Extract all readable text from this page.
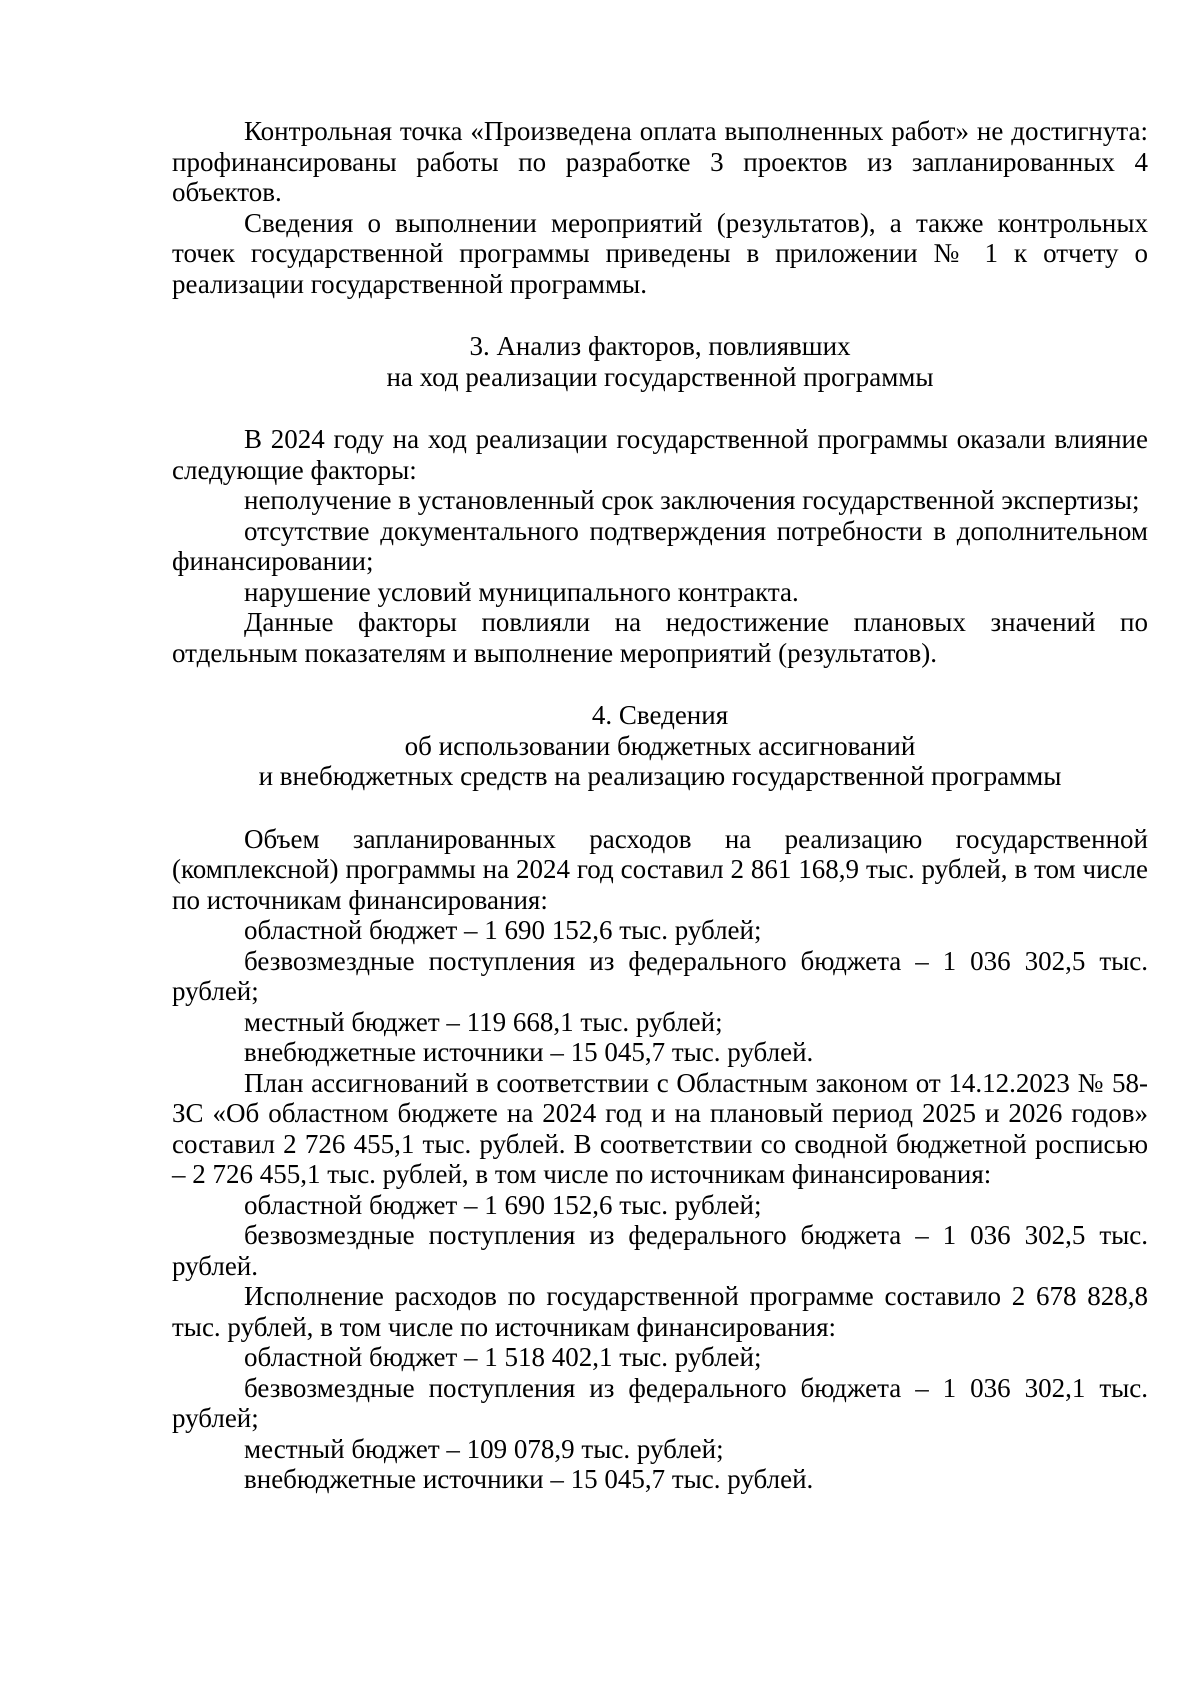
Контрольная точка «Произведена оплата выполненных работ» не достигнута: профинансированы работы по разработке 3 проектов из запланированных 4 объектов.

Сведения о выполнении мероприятий (результатов), а также контрольных точек государственной программы приведены в приложении № 1 к отчету о реализации государственной программы.

3. Анализ факторов, повлиявших
на ход реализации государственной программы

В 2024 году на ход реализации государственной программы оказали влияние следующие факторы:

неполучение в установленный срок заключения государственной экспертизы;

отсутствие документального подтверждения потребности в дополнительном финансировании;

нарушение условий муниципального контракта.

Данные факторы повлияли на недостижение плановых значений по отдельным показателям и выполнение мероприятий (результатов).

4. Сведения
об использовании бюджетных ассигнований
и внебюджетных средств на реализацию государственной программы

Объем запланированных расходов на реализацию государственной (комплексной) программы на 2024 год составил 2 861 168,9 тыс. рублей, в том числе по источникам финансирования:

областной бюджет – 1 690 152,6 тыс. рублей;

безвозмездные поступления из федерального бюджета – 1 036 302,5 тыс. рублей;

местный бюджет – 119 668,1 тыс. рублей;

внебюджетные источники – 15 045,7 тыс. рублей.

План ассигнований в соответствии с Областным законом от 14.12.2023 № 58-ЗС «Об областном бюджете на 2024 год и на плановый период 2025 и 2026 годов» составил 2 726 455,1 тыс. рублей. В соответствии со сводной бюджетной росписью – 2 726 455,1 тыс. рублей, в том числе по источникам финансирования:

областной бюджет – 1 690 152,6 тыс. рублей;

безвозмездные поступления из федерального бюджета – 1 036 302,5 тыс. рублей.

Исполнение расходов по государственной программе составило 2 678 828,8 тыс. рублей, в том числе по источникам финансирования:

областной бюджет – 1 518 402,1 тыс. рублей;

безвозмездные поступления из федерального бюджета – 1 036 302,1 тыс. рублей;

местный бюджет – 109 078,9 тыс. рублей;

внебюджетные источники – 15 045,7 тыс. рублей.
